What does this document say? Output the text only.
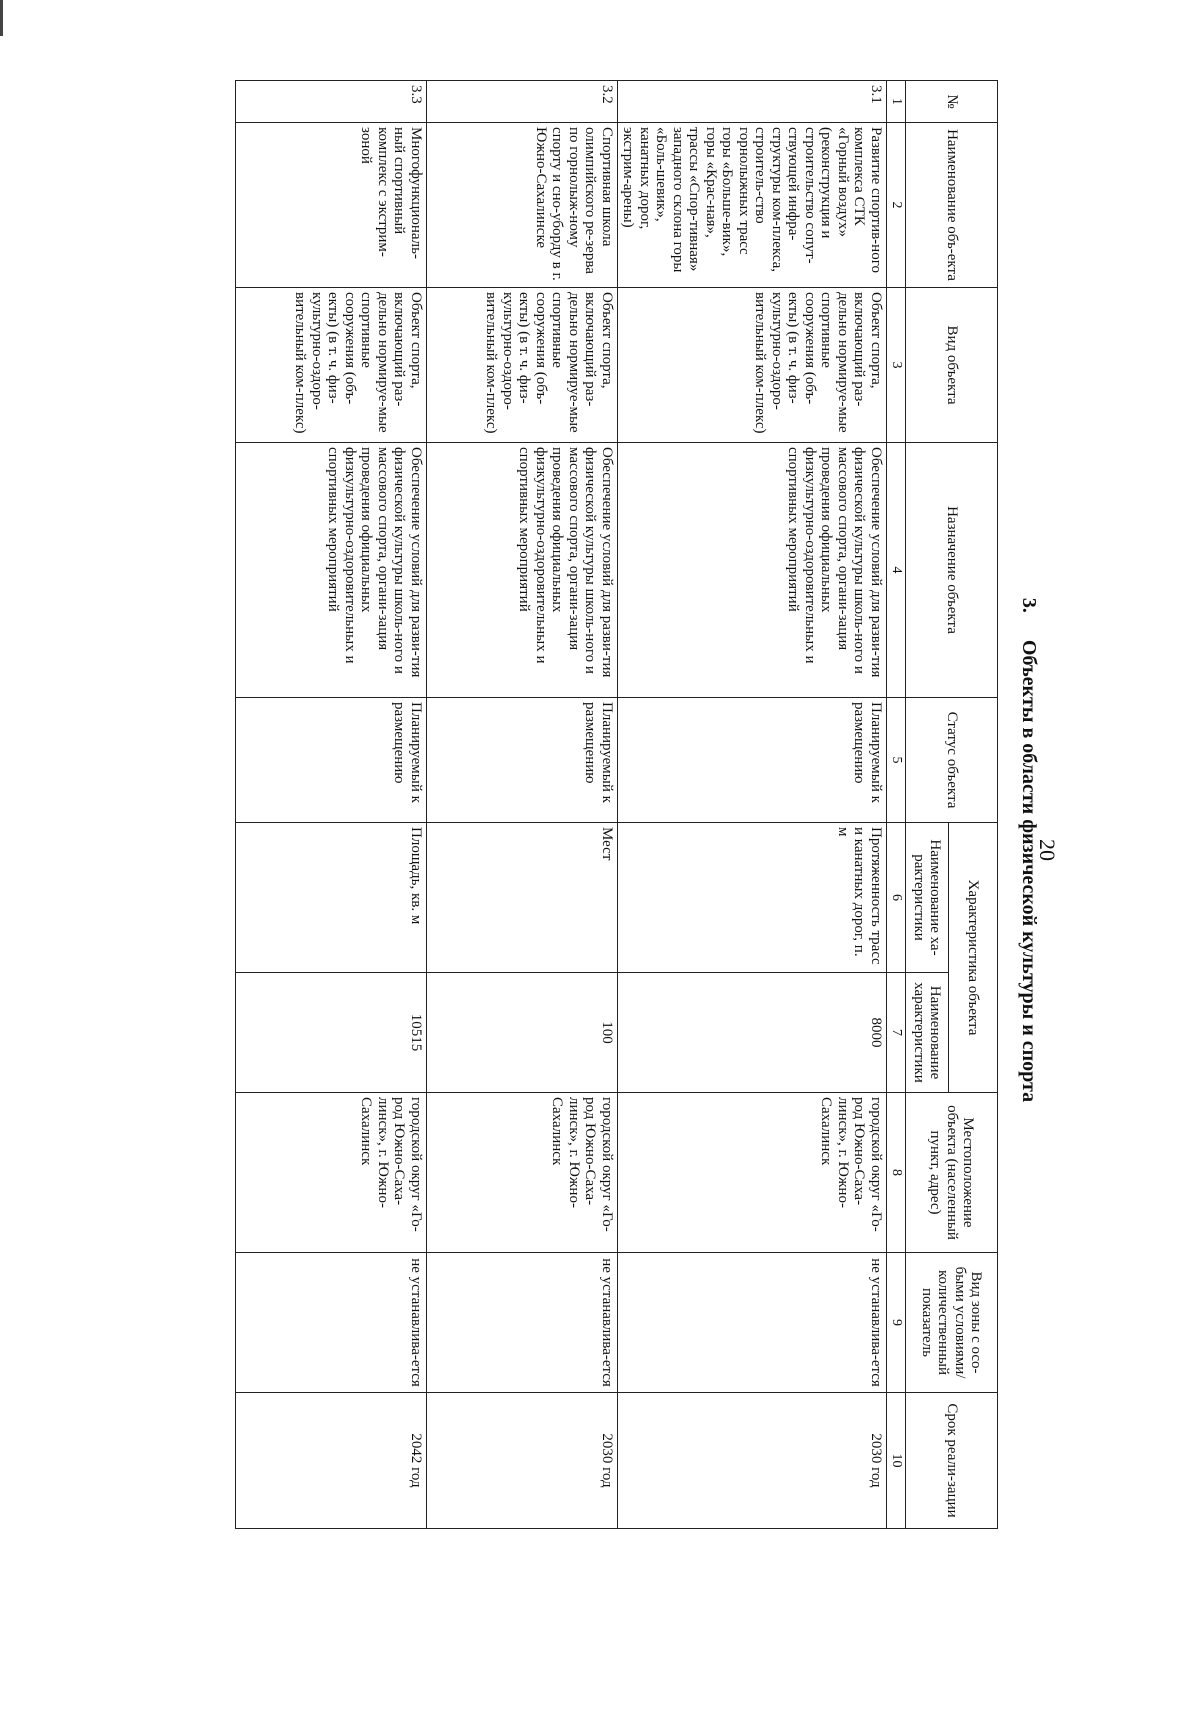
20
3. Объекты в области физической культуры и спорта
№	Наименование объ-екта	Вид объекта	Назначение объекта	Статус объекта	Характеристика объекта		Местоположение объекта (населенный пункт, адрес)	Вид зоны с осо-быми условиями/ количественный показатель	Срок реали-зации
					Наименование ха-рактеристики	Наименование характеристики			
1	2	3	4	5	6	7	8	9	10
3.1	Развитие спортив-ного комплекса СТК «Горный воздух» (реконструкция и строительство сопут-ствующей инфра-структуры ком-плекса, строитель-ство горнолыжных трасс горы «Больше-вик», горы «Крас-ная», трассы «Спор-тивная» западного склона горы «Боль-шевик», канатных дорог, экстрим-арены)	Объект спорта, включающий раз-дельно нормируе-мые спортивные сооружения (объ-екты) (в т. ч. физ-культурно-оздоро-вительный ком-плекс)	Обеспечение условий для разви-тия физической культуры школь-ного и массового спорта, органи-зация проведения официальных физкультурно-оздоровительных и спортивных мероприятий	Планируемый к размещению	Протяженность трасс и канатных дорог, п. м	8000	городской округ «Го-род Южно-Саха-линск», г. Южно-Сахалинск	не устанавлива-ется	2030 год
3.2	Спортивная школа олимпийского ре-зерва по горнолыж-ному спорту и сно-уборду в г. Южно-Сахалинске	Объект спорта, включающий раз-дельно нормируе-мые спортивные сооружения (объ-екты) (в т. ч. физ-культурно-оздоро-вительный ком-плекс)	Обеспечение условий для разви-тия физической культуры школь-ного и массового спорта, органи-зация проведения официальных физкультурно-оздоровительных и спортивных мероприятий	Планируемый к размещению	Мест	100	городской округ «Го-род Южно-Саха-линск», г. Южно-Сахалинск	не устанавлива-ется	2030 год
3.3	Многофункциональ-ный спортивный комплекс с экстрим-зоной	Объект спорта, включающий раз-дельно нормируе-мые спортивные сооружения (объ-екты) (в т. ч. физ-культурно-оздоро-вительный ком-плекс)	Обеспечение условий для разви-тия физической культуры школь-ного и массового спорта, органи-зация проведения официальных физкультурно-оздоровительных и спортивных мероприятий	Планируемый к размещению	Площадь, кв. м	10515	городской округ «Го-род Южно-Саха-линск», г. Южно-Сахалинск	не устанавлива-ется	2042 год
